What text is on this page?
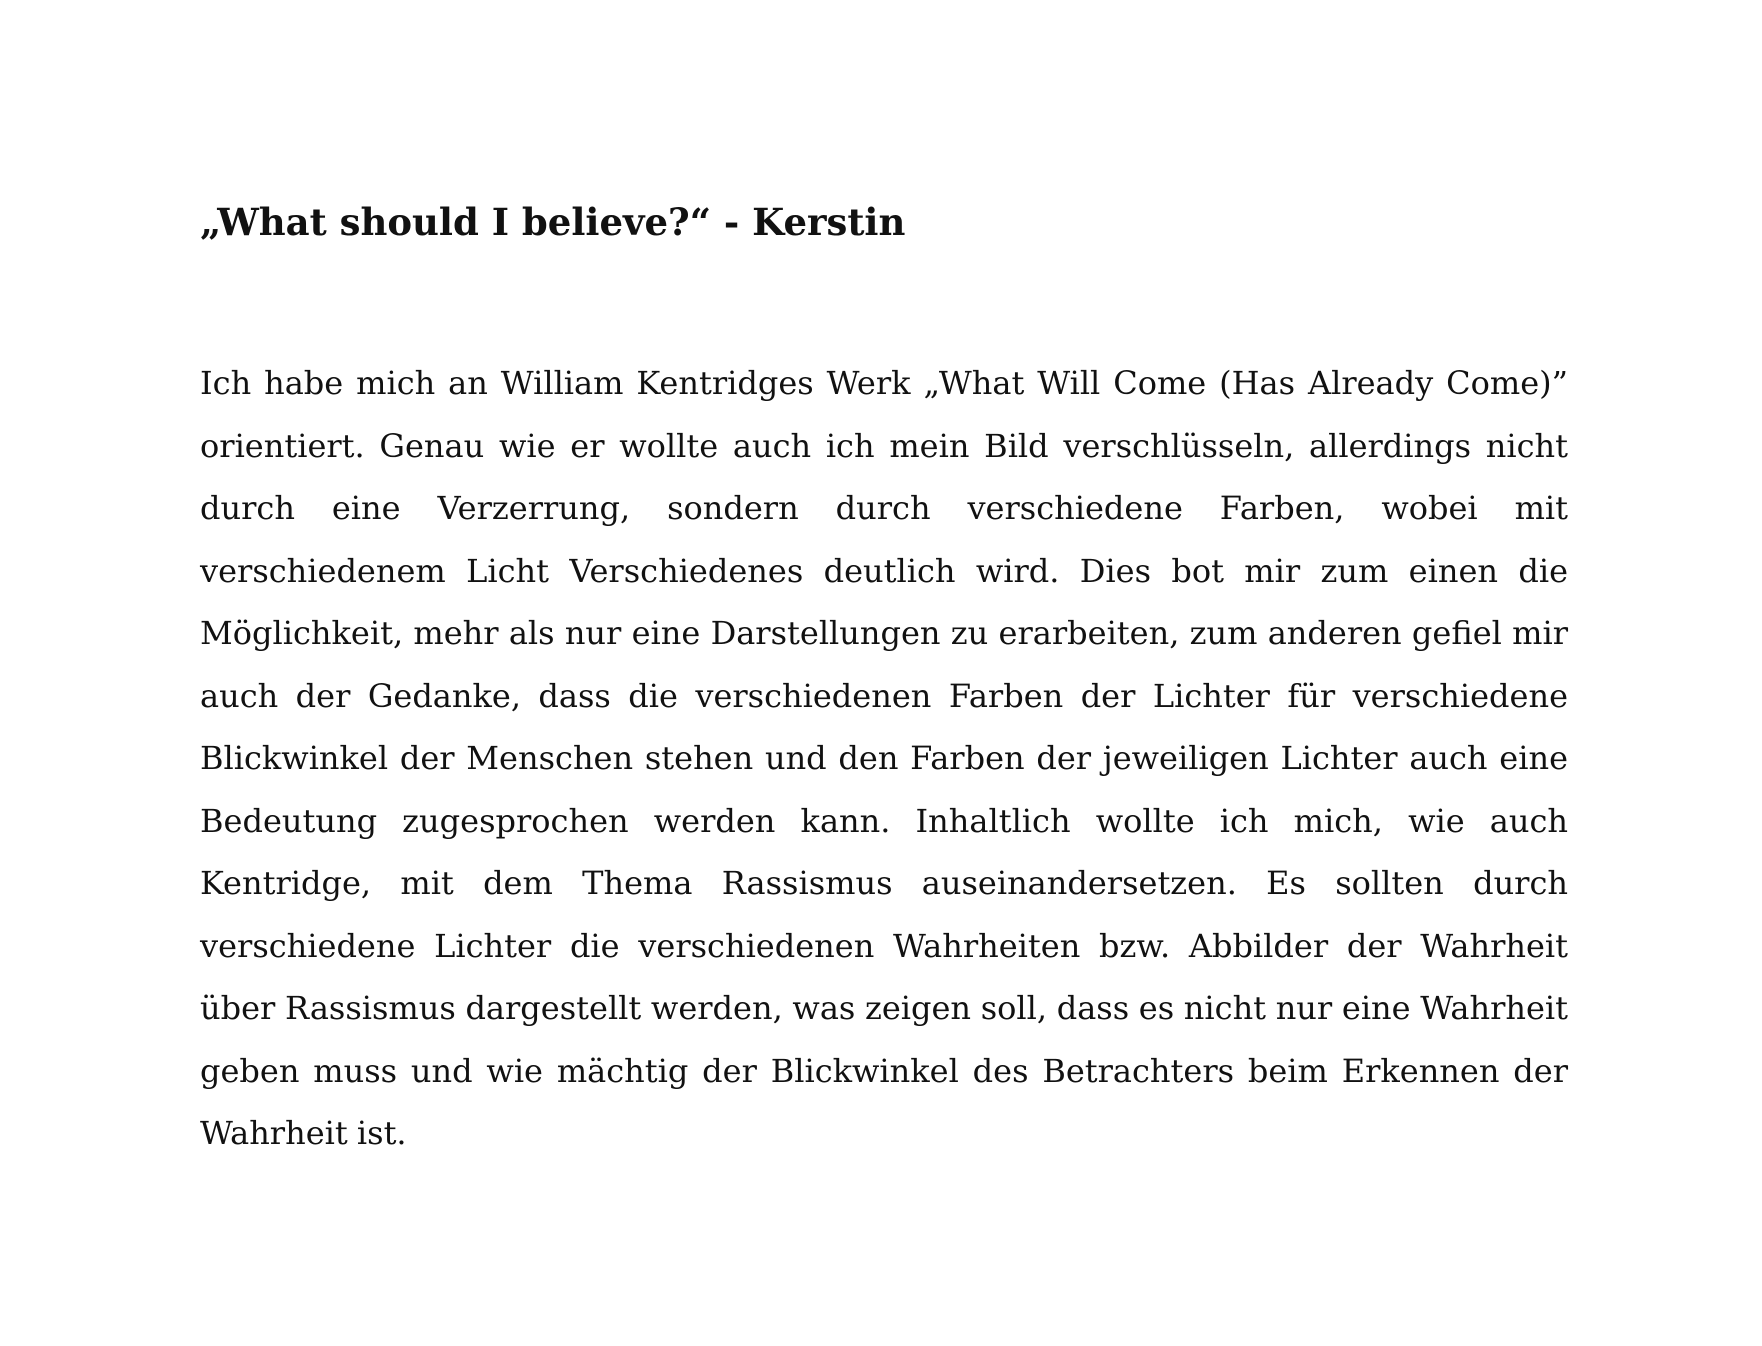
„What should I believe?“ - Kerstin

Ich habe mich an William Kentridges Werk „What Will Come (Has Already Come)” orientiert. Genau wie er wollte auch ich mein Bild verschlüsseln, allerdings nicht durch eine Verzerrung, sondern durch verschiedene Farben, wobei mit verschiedenem Licht Verschiedenes deutlich wird. Dies bot mir zum einen die Möglichkeit, mehr als nur eine Darstellungen zu erarbeiten, zum anderen gefiel mir auch der Gedanke, dass die verschiedenen Farben der Lichter für verschiedene Blickwinkel der Menschen stehen und den Farben der jeweiligen Lichter auch eine Bedeutung zugesprochen werden kann. Inhaltlich wollte ich mich, wie auch Kentridge, mit dem Thema Rassismus auseinandersetzen. Es sollten durch verschiedene Lichter die verschiedenen Wahrheiten bzw. Abbilder der Wahrheit über Rassismus dargestellt werden, was zeigen soll, dass es nicht nur eine Wahrheit geben muss und wie mächtig der Blickwinkel des Betrachters beim Erkennen der Wahrheit ist.
